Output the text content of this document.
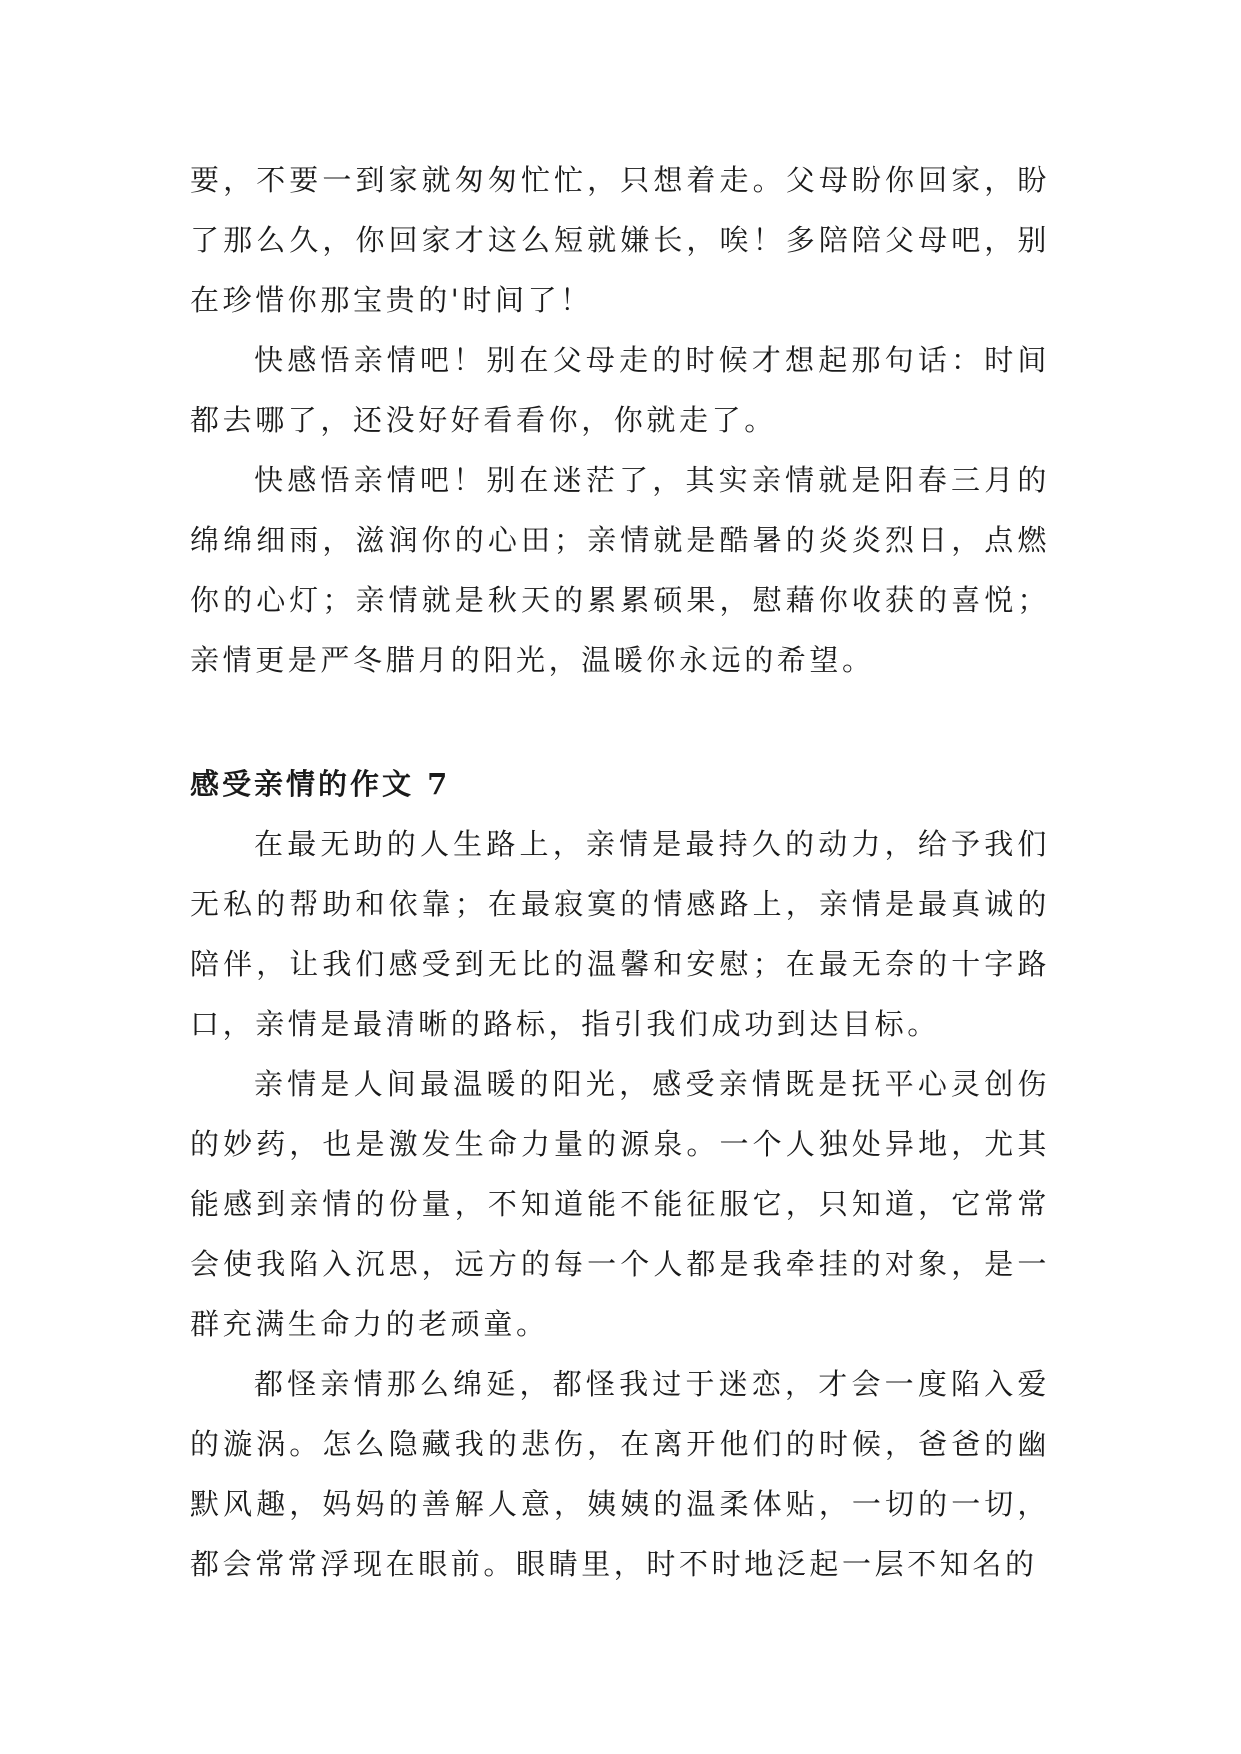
要，不要一到家就匆匆忙忙，只想着走。父母盼你回家，盼了那么久，你回家才这么短就嫌长，唉！多陪陪父母吧，别在珍惜你那宝贵的'时间了！

快感悟亲情吧！别在父母走的时候才想起那句话：时间都去哪了，还没好好看看你，你就走了。

快感悟亲情吧！别在迷茫了，其实亲情就是阳春三月的绵绵细雨，滋润你的心田；亲情就是酷暑的炎炎烈日，点燃你的心灯；亲情就是秋天的累累硕果，慰藉你收获的喜悦；亲情更是严冬腊月的阳光，温暖你永远的希望。

感受亲情的作文 7

在最无助的人生路上，亲情是最持久的动力，给予我们无私的帮助和依靠；在最寂寞的情感路上，亲情是最真诚的陪伴，让我们感受到无比的温馨和安慰；在最无奈的十字路口，亲情是最清晰的路标，指引我们成功到达目标。

亲情是人间最温暖的阳光，感受亲情既是抚平心灵创伤的妙药，也是激发生命力量的源泉。一个人独处异地，尤其能感到亲情的份量，不知道能不能征服它，只知道，它常常会使我陷入沉思，远方的每一个人都是我牵挂的对象，是一群充满生命力的老顽童。

都怪亲情那么绵延，都怪我过于迷恋，才会一度陷入爱的漩涡。怎么隐藏我的悲伤，在离开他们的时候，爸爸的幽默风趣，妈妈的善解人意，姨姨的温柔体贴，一切的一切，都会常常浮现在眼前。眼睛里，时不时地泛起一层不知名的
